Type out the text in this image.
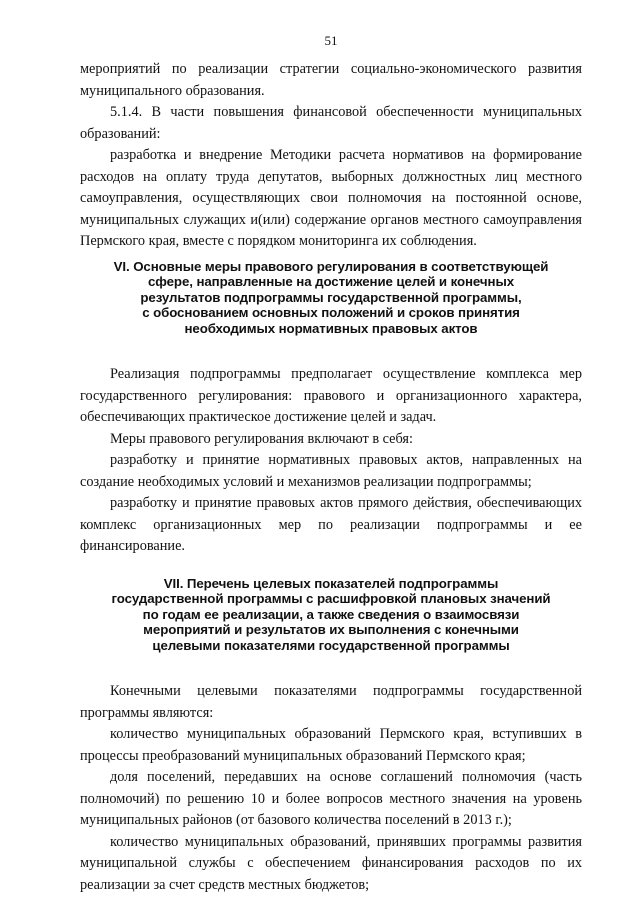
51

мероприятий по реализации стратегии социально-экономического развития муниципального образования.

5.1.4. В части повышения финансовой обеспеченности муниципальных образований:

разработка и внедрение Методики расчета нормативов на формирование расходов на оплату труда депутатов, выборных должностных лиц местного самоуправления, осуществляющих свои полномочия на постоянной основе, муниципальных служащих и(или) содержание органов местного самоуправления Пермского края, вместе с порядком мониторинга их соблюдения.

VI. Основные меры правового регулирования в соответствующей
сфере, направленные на достижение целей и конечных
результатов подпрограммы государственной программы,
с обоснованием основных положений и сроков принятия
необходимых нормативных правовых актов

Реализация подпрограммы предполагает осуществление комплекса мер государственного регулирования: правового и организационного характера, обеспечивающих практическое достижение целей и задач.

Меры правового регулирования включают в себя:

разработку и принятие нормативных правовых актов, направленных на создание необходимых условий и механизмов реализации подпрограммы;

разработку и принятие правовых актов прямого действия, обеспечивающих комплекс организационных мер по реализации подпрограммы и ее финансирование.

VII. Перечень целевых показателей подпрограммы
государственной программы с расшифровкой плановых значений
по годам ее реализации, а также сведения о взаимосвязи
мероприятий и результатов их выполнения с конечными
целевыми показателями государственной программы

Конечными целевыми показателями подпрограммы государственной программы являются:

количество муниципальных образований Пермского края, вступивших в процессы преобразований муниципальных образований Пермского края;

доля поселений, передавших на основе соглашений полномочия (часть полномочий) по решению 10 и более вопросов местного значения на уровень муниципальных районов (от базового количества поселений в 2013 г.);

количество муниципальных образований, принявших программы развития муниципальной службы с обеспечением финансирования расходов по их реализации за счет средств местных бюджетов;
